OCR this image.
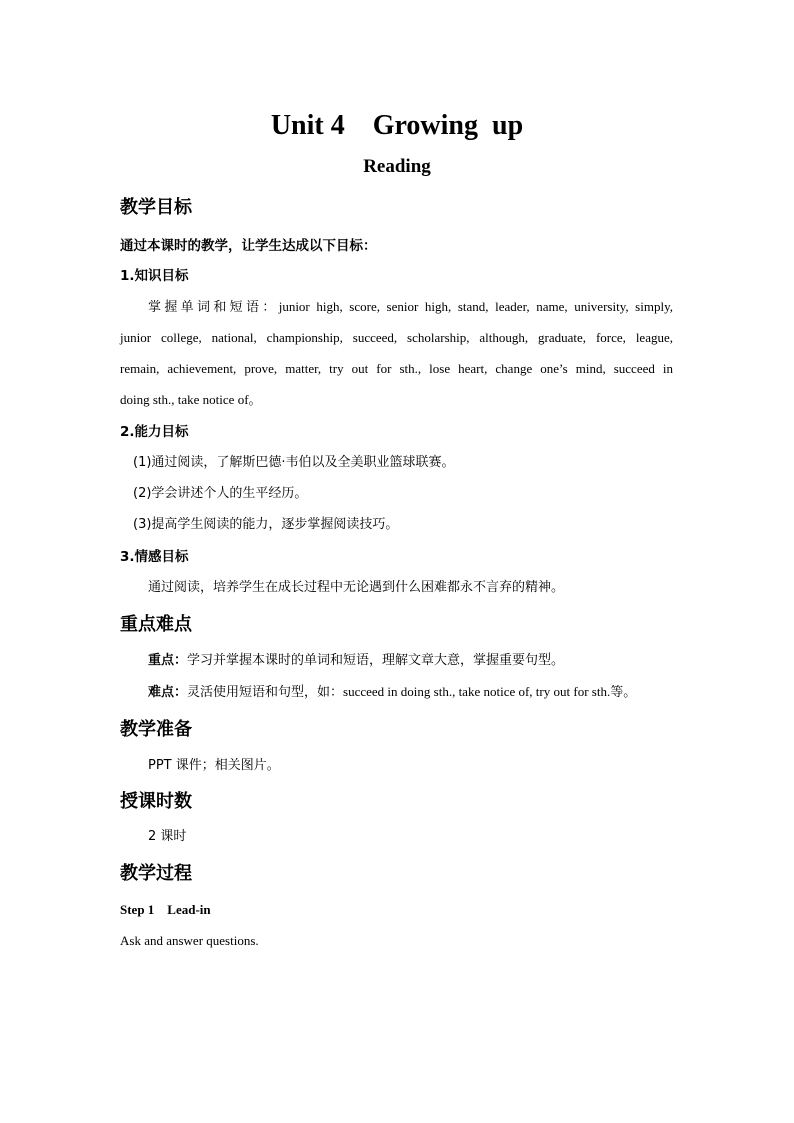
Unit 4    Growing  up
Reading
教学目标
通过本课时的教学，让学生达成以下目标：
1.知识目标
掌握单词和短语：junior high, score, senior high, stand, leader, name, university, simply,
junior college, national, championship, succeed, scholarship, although, graduate, force, league,
remain, achievement, prove, matter, try out for sth., lose heart, change one’s mind, succeed in
doing sth., take notice of。
2.能力目标
(1)通过阅读，了解斯巴德·韦伯以及全美职业篮球联赛。
(2)学会讲述个人的生平经历。
(3)提高学生阅读的能力，逐步掌握阅读技巧。
3.情感目标
通过阅读，培养学生在成长过程中无论遇到什么困难都永不言弃的精神。
重点难点
重点：学习并掌握本课时的单词和短语，理解文章大意，掌握重要句型。
难点：灵活使用短语和句型，如：succeed in doing sth., take notice of, try out for sth.等。
教学准备
PPT 课件；相关图片。
授课时数
2 课时
教学过程
Step 1    Lead-in
Ask and answer questions.
